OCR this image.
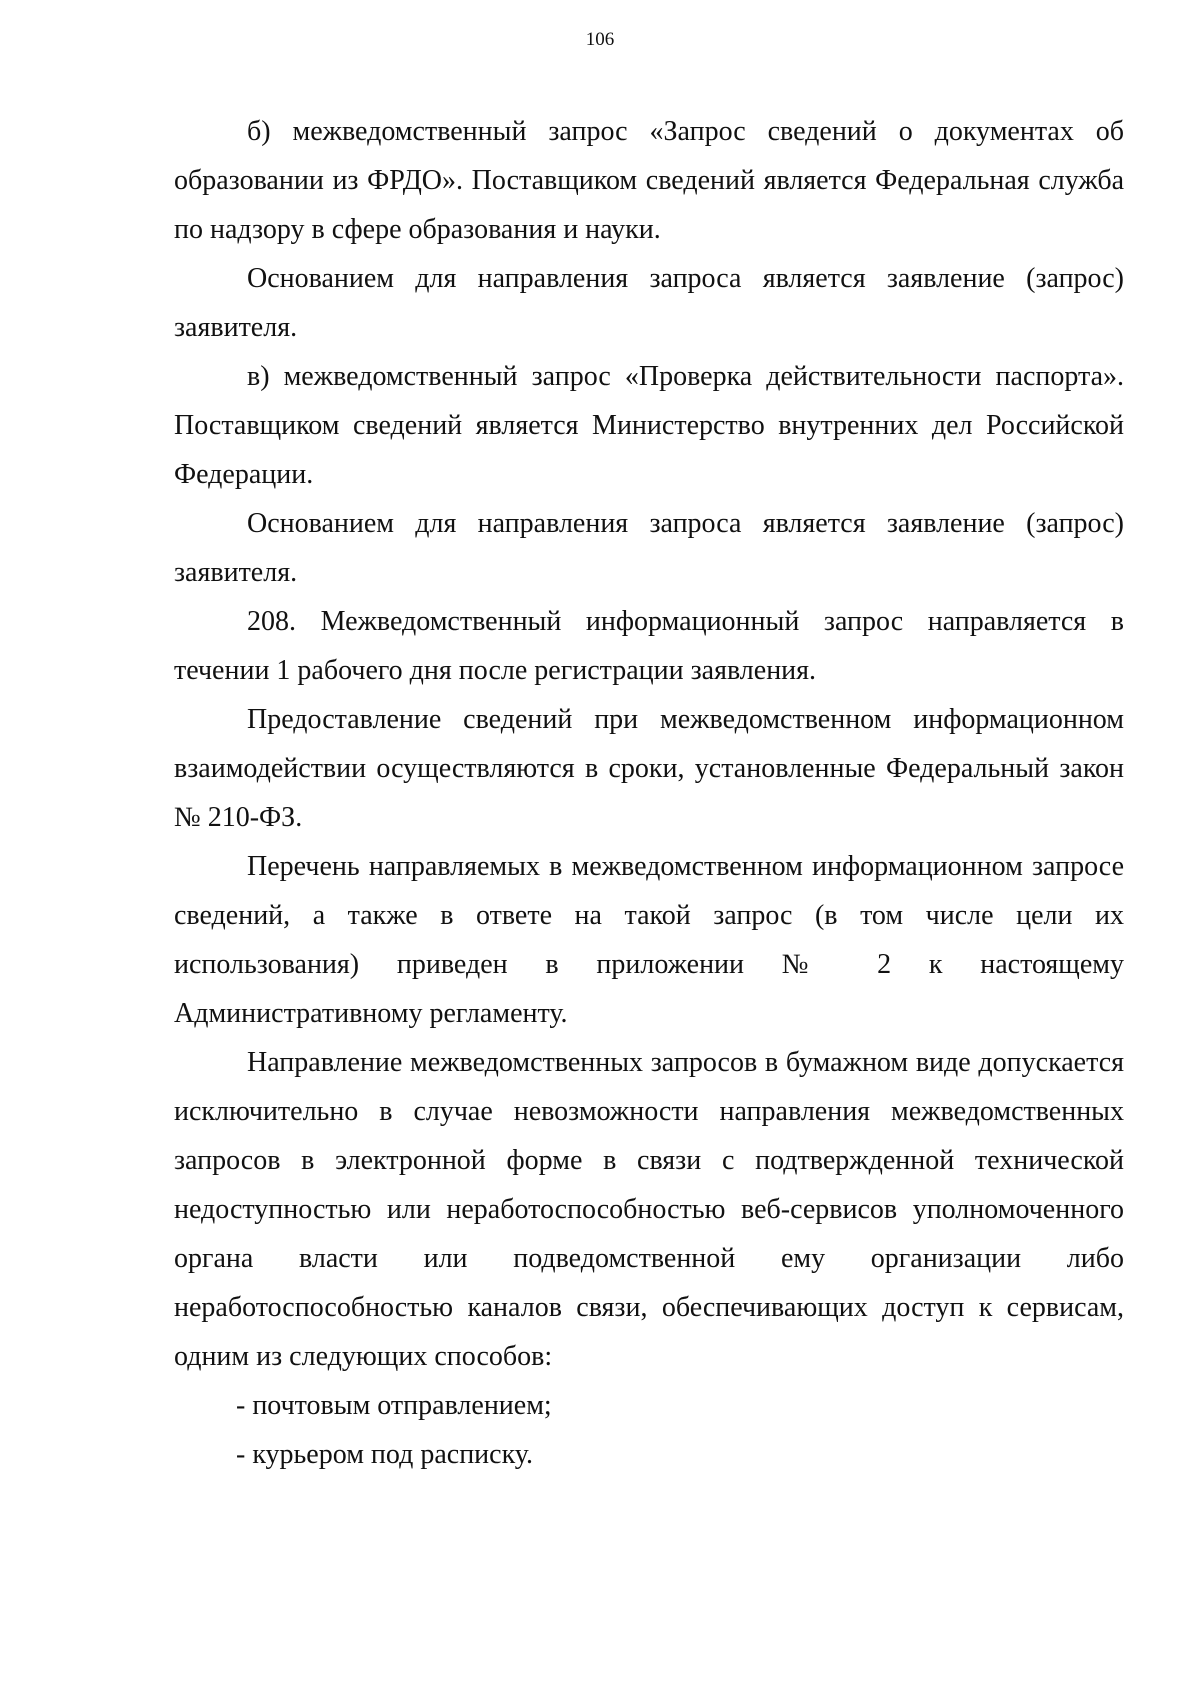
106

б) межведомственный запрос «Запрос сведений о документах об образовании из ФРДО». Поставщиком сведений является Федеральная служба по надзору в сфере образования и науки.

Основанием для направления запроса является заявление (запрос) заявителя.

в) межведомственный запрос «Проверка действительности паспорта». Поставщиком сведений является Министерство внутренних дел Российской Федерации.

Основанием для направления запроса является заявление (запрос) заявителя.

208. Межведомственный информационный запрос направляется в течении 1 рабочего дня после регистрации заявления.

Предоставление сведений при межведомственном информационном взаимодействии осуществляются в сроки, установленные Федеральный закон № 210-ФЗ.

Перечень направляемых в межведомственном информационном запросе сведений, а также в ответе на такой запрос (в том числе цели их использования) приведен в приложении № 2 к настоящему Административному регламенту.

Направление межведомственных запросов в бумажном виде допускается исключительно в случае невозможности направления межведомственных запросов в электронной форме в связи с подтвержденной технической недоступностью или неработоспособностью веб-сервисов уполномоченного органа власти или подведомственной ему организации либо неработоспособностью каналов связи, обеспечивающих доступ к сервисам, одним из следующих способов:

- почтовым отправлением;

- курьером под расписку.
